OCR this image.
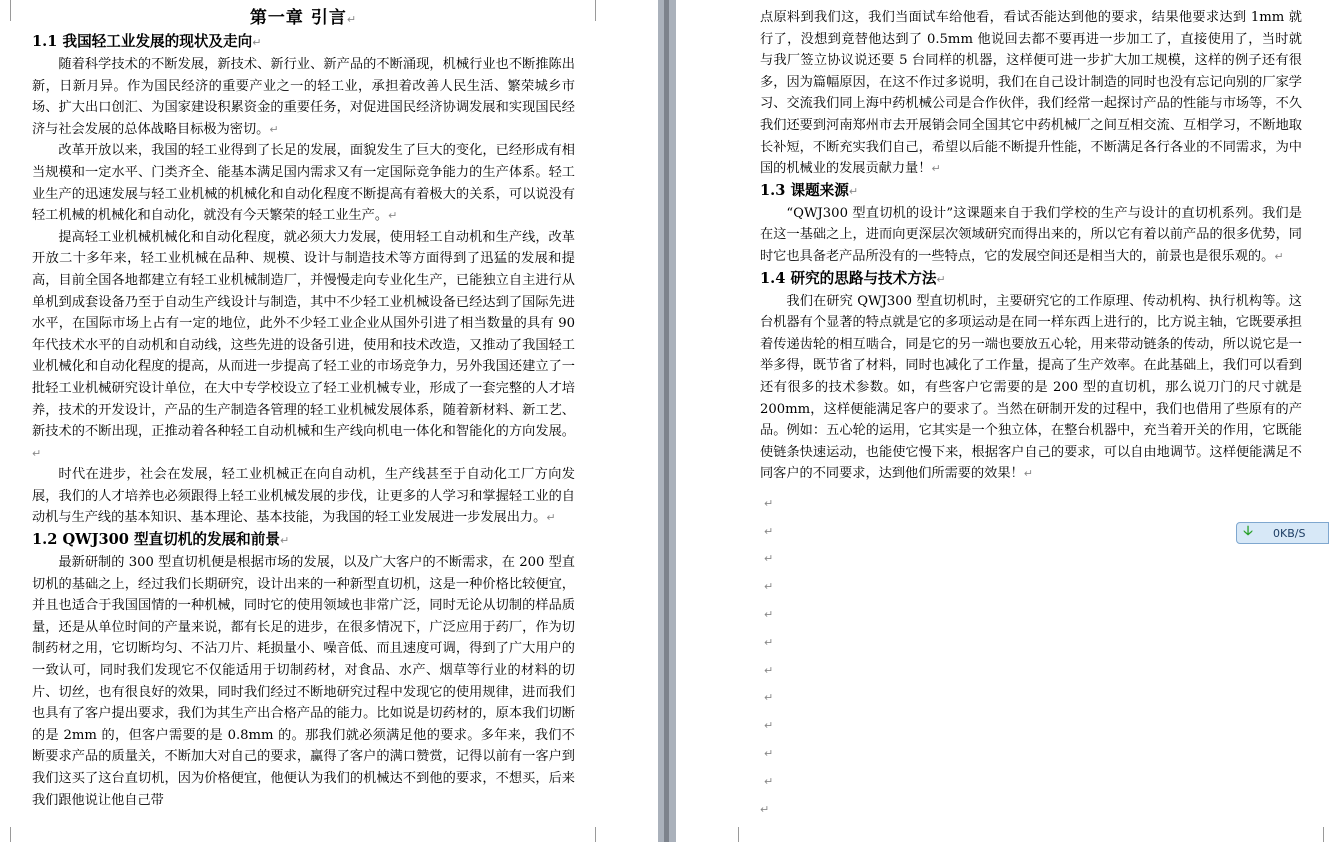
第一章 引言↵
1.1 我国轻工业发展的现状及走向↵

随着科学技术的不断发展，新技术、新行业、新产品的不断涌现，机械行业也不断推陈出新，日新月异。作为国民经济的重要产业之一的轻工业，承担着改善人民生活、繁荣城乡市场、扩大出口创汇、为国家建设积累资金的重要任务，对促进国民经济协调发展和实现国民经济与社会发展的总体战略目标极为密切。↵

改革开放以来，我国的轻工业得到了长足的发展，面貌发生了巨大的变化，已经形成有相当规模和一定水平、门类齐全、能基本满足国内需求又有一定国际竞争能力的生产体系。轻工业生产的迅速发展与轻工业机械的机械化和自动化程度不断提高有着极大的关系，可以说没有轻工机械的机械化和自动化，就没有今天繁荣的轻工业生产。↵

提高轻工业机械机械化和自动化程度，就必须大力发展，使用轻工自动机和生产线，改革开放二十多年来，轻工业机械在品种、规模、设计与制造技术等方面得到了迅猛的发展和提高，目前全国各地都建立有轻工业机械制造厂，并慢慢走向专业化生产，已能独立自主进行从单机到成套设备乃至于自动生产线设计与制造，其中不少轻工业机械设备已经达到了国际先进水平，在国际市场上占有一定的地位，此外不少轻工业企业从国外引进了相当数量的具有 90 年代技术水平的自动机和自动线，这些先进的设备引进，使用和技术改造，又推动了我国轻工业机械化和自动化程度的提高，从而进一步提高了轻工业的市场竞争力，另外我国还建立了一批轻工业机械研究设计单位，在大中专学校设立了轻工业机械专业，形成了一套完整的人才培养，技术的开发设计，产品的生产制造各管理的轻工业机械发展体系，随着新材料、新工艺、新技术的不断出现，正推动着各种轻工自动机械和生产线向机电一体化和智能化的方向发展。↵

时代在进步，社会在发展，轻工业机械正在向自动机，生产线甚至于自动化工厂方向发展，我们的人才培养也必须跟得上轻工业机械发展的步伐，让更多的人学习和掌握轻工业的自动机与生产线的基本知识、基本理论、基本技能，为我国的轻工业发展进一步发展出力。↵

1.2 QWJ300 型直切机的发展和前景↵

最新研制的 300 型直切机便是根据市场的发展，以及广大客户的不断需求，在 200 型直切机的基础之上，经过我们长期研究，设计出来的一种新型直切机，这是一种价格比较便宜，并且也适合于我国国情的一种机械，同时它的使用领域也非常广泛，同时无论从切制的样品质量，还是从单位时间的产量来说，都有长足的进步，在很多情况下，广泛应用于药厂，作为切制药材之用，它切断均匀、不沾刀片、耗损量小、噪音低、而且速度可调，得到了广大用户的一致认可，同时我们发现它不仅能适用于切制药材，对食品、水产、烟草等行业的材料的切片、切丝，也有很良好的效果，同时我们经过不断地研究过程中发现它的使用规律，进而我们也具有了客户提出要求，我们为其生产出合格产品的能力。比如说是切药材的，原本我们切断的是 2mm 的，但客户需要的是 0.8mm 的。那我们就必须满足他的要求。多年来，我们不断要求产品的质量关，不断加大对自己的要求，赢得了客户的满口赞赏，记得以前有一客户到我们这买了这台直切机，因为价格便宜，他便认为我们的机械达不到他的要求，不想买，后来我们跟他说让他自己带

点原料到我们这，我们当面试车给他看，看试否能达到他的要求，结果他要求达到 1mm 就行了，没想到竟替他达到了 0.5mm 他说回去都不要再进一步加工了，直接使用了，当时就与我厂签立协议说还要 5 台同样的机器，这样便可进一步扩大加工规模，这样的例子还有很多，因为篇幅原因，在这不作过多说明，我们在自己设计制造的同时也没有忘记向别的厂家学习、交流我们同上海中药机械公司是合作伙伴，我们经常一起探讨产品的性能与市场等，不久我们还要到河南郑州市去开展销会同全国其它中药机械厂之间互相交流、互相学习，不断地取长补短，不断充实我们自己，希望以后能不断提升性能，不断满足各行各业的不同需求，为中国的机械业的发展贡献力量！↵

1.3 课题来源↵

“QWJ300 型直切机的设计”这课题来自于我们学校的生产与设计的直切机系列。我们是在这一基础之上，进而向更深层次领域研究而得出来的，所以它有着以前产品的很多优势，同时它也具备老产品所没有的一些特点，它的发展空间还是相当大的，前景也是很乐观的。↵

1.4 研究的思路与技术方法↵

我们在研究 QWJ300 型直切机时，主要研究它的工作原理、传动机构、执行机构等。这台机器有个显著的特点就是它的多项运动是在同一样东西上进行的，比方说主轴，它既要承担着传递齿轮的相互啮合，同是它的另一端也要放五心轮，用来带动链条的传动，所以说它是一举多得，既节省了材料，同时也减化了工作量，提高了生产效率。在此基础上，我们可以看到还有很多的技术参数。如，有些客户它需要的是 200 型的直切机，那么说刀门的尺寸就是 200mm，这样便能满足客户的要求了。当然在研制开发的过程中，我们也借用了些原有的产品。例如：五心轮的运用，它其实是一个独立体，在整台机器中，充当着开关的作用，它既能使链条快速运动，也能使它慢下来，根据客户自己的要求，可以自由地调节。这样便能满足不同客户的不同要求，达到他们所需要的效果！↵

↵
↵
↵
↵
↵
↵
↵
↵
↵
↵
↵
↵
🡣	0KB/S
